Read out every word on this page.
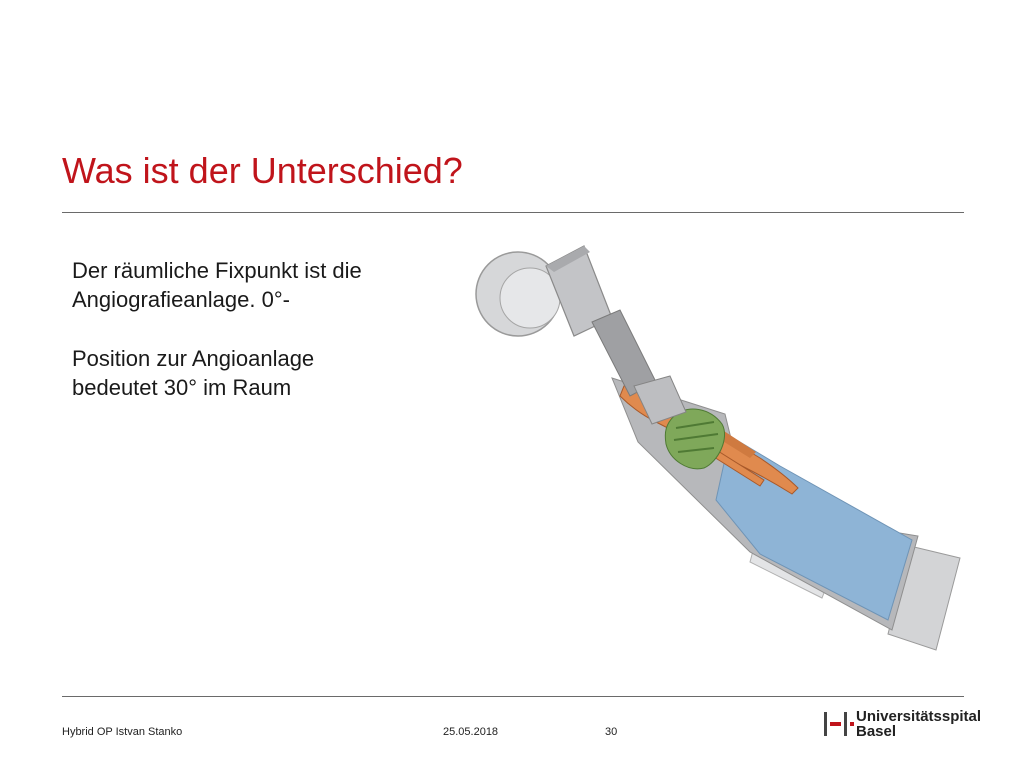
Was ist der Unterschied?

Der räumliche Fixpunkt ist die Angiografieanlage. 0°-

Position zur Angioanlage bedeutet 30° im Raum

Hybrid OP Istvan Stanko	25.05.2018	30
Universitätsspital
Basel
